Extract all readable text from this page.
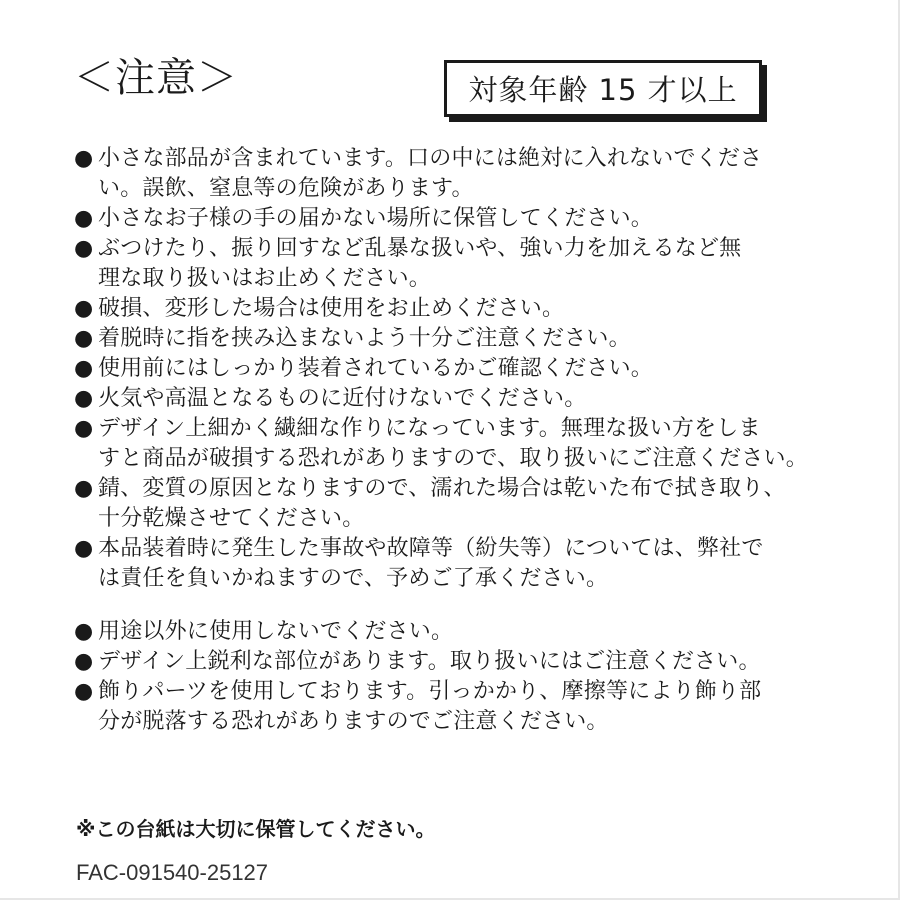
＜注意＞	対象年齢 15 才以上
● 小さな部品が含まれています。口の中には絶対に入れないでくださ
い。誤飲、窒息等の危険があります。
● 小さなお子様の手の届かない場所に保管してください。
● ぶつけたり、振り回すなど乱暴な扱いや、強い力を加えるなど無
理な取り扱いはお止めください。
● 破損、変形した場合は使用をお止めください。
● 着脱時に指を挟み込まないよう十分ご注意ください。
● 使用前にはしっかり装着されているかご確認ください。
● 火気や高温となるものに近付けないでください。
● デザイン上細かく繊細な作りになっています。無理な扱い方をしま
すと商品が破損する恐れがありますので、取り扱いにご注意ください。
● 錆、変質の原因となりますので、濡れた場合は乾いた布で拭き取り、
十分乾燥させてください。
● 本品装着時に発生した事故や故障等（紛失等）については、弊社で
は責任を負いかねますので、予めご了承ください。
● 用途以外に使用しないでください。
● デザイン上鋭利な部位があります。取り扱いにはご注意ください。
● 飾りパーツを使用しております。引っかかり、摩擦等により飾り部
分が脱落する恐れがありますのでご注意ください。
※この台紙は大切に保管してください。
FAC-091540-25127
